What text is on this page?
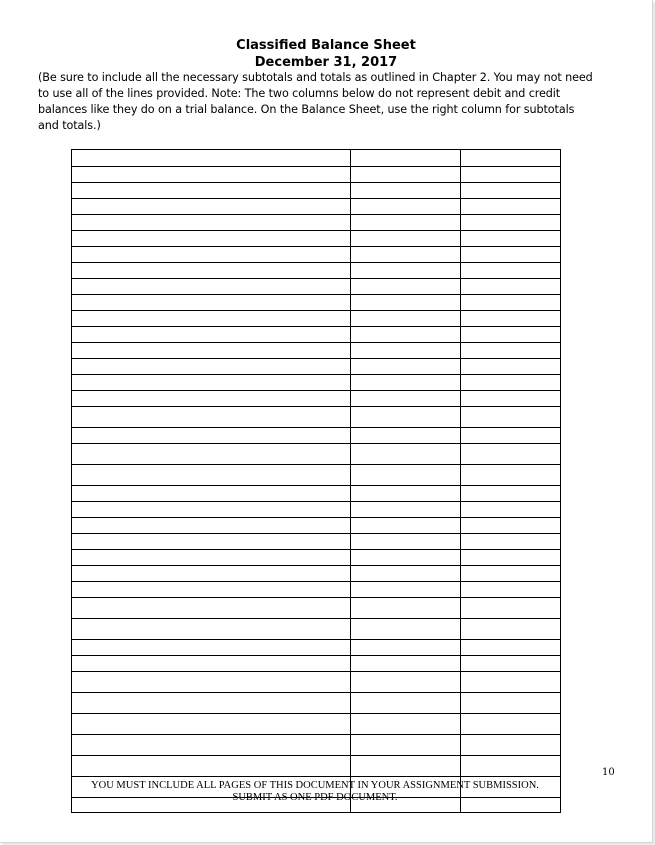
Classified Balance Sheet
December 31, 2017
(Be sure to include all the necessary subtotals and totals as outlined in Chapter 2. You may not need
to use all of the lines provided. Note: The two columns below do not represent debit and credit
balances like they do on a trial balance. On the Balance Sheet, use the right column for subtotals
and totals.)

10
YOU MUST INCLUDE ALL PAGES OF THIS DOCUMENT IN YOUR ASSIGNMENT SUBMISSION.
SUBMIT AS ONE PDF DOCUMENT.
